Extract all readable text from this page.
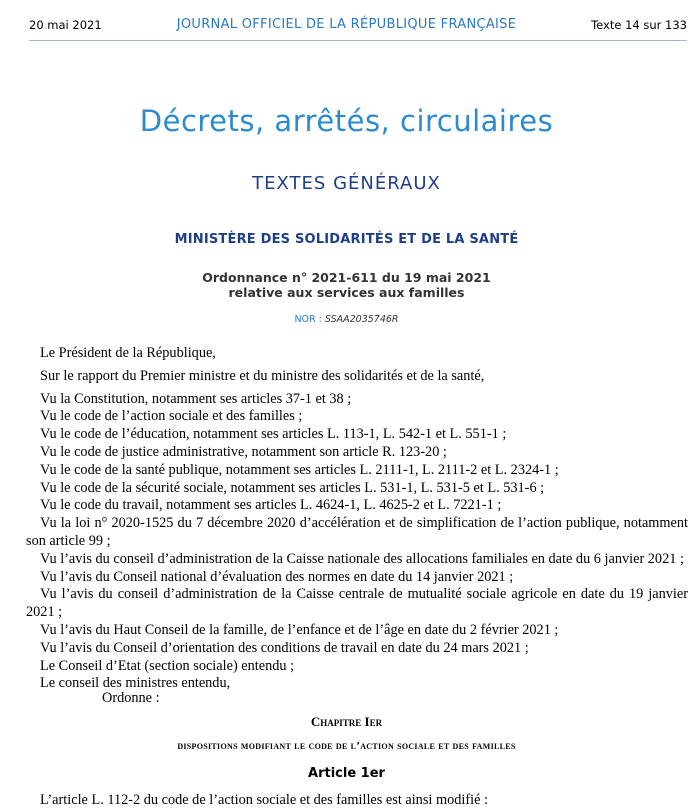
20 mai 2021	JOURNAL OFFICIEL DE LA RÉPUBLIQUE FRANÇAISE	Texte 14 sur 133
Décrets, arrêtés, circulaires
TEXTES GÉNÉRAUX
MINISTÈRE DES SOLIDARITÉS ET DE LA SANTÉ
Ordonnance n° 2021-611 du 19 mai 2021
relative aux services aux familles
NOR : SSAA2035746R

Le Président de la République,

Sur le rapport du Premier ministre et du ministre des solidarités et de la santé,

Vu la Constitution, notamment ses articles 37-1 et 38 ;

Vu le code de l’action sociale et des familles ;

Vu le code de l’éducation, notamment ses articles L. 113-1, L. 542-1 et L. 551-1 ;

Vu le code de justice administrative, notamment son article R. 123-20 ;

Vu le code de la santé publique, notamment ses articles L. 2111-1, L. 2111-2 et L. 2324-1 ;

Vu le code de la sécurité sociale, notamment ses articles L. 531-1, L. 531-5 et L. 531-6 ;

Vu le code du travail, notamment ses articles L. 4624-1, L. 4625-2 et L. 7221-1 ;

Vu la loi n° 2020-1525 du 7 décembre 2020 d’accélération et de simplification de l’action publique, notamment son article 99 ;

Vu l’avis du conseil d’administration de la Caisse nationale des allocations familiales en date du 6 janvier 2021 ;

Vu l’avis du Conseil national d’évaluation des normes en date du 14 janvier 2021 ;

Vu l’avis du conseil d’administration de la Caisse centrale de mutualité sociale agricole en date du 19 janvier 2021 ;

Vu l’avis du Haut Conseil de la famille, de l’enfance et de l’âge en date du 2 février 2021 ;

Vu l’avis du Conseil d’orientation des conditions de travail en date du 24 mars 2021 ;

Le Conseil d’Etat (section sociale) entendu ;

Le conseil des ministres entendu,

Ordonne :
Chapitre Ier
dispositions modifiant le code de l’action sociale et des familles
Article 1er
L’article L. 112-2 du code de l’action sociale et des familles est ainsi modifié :
